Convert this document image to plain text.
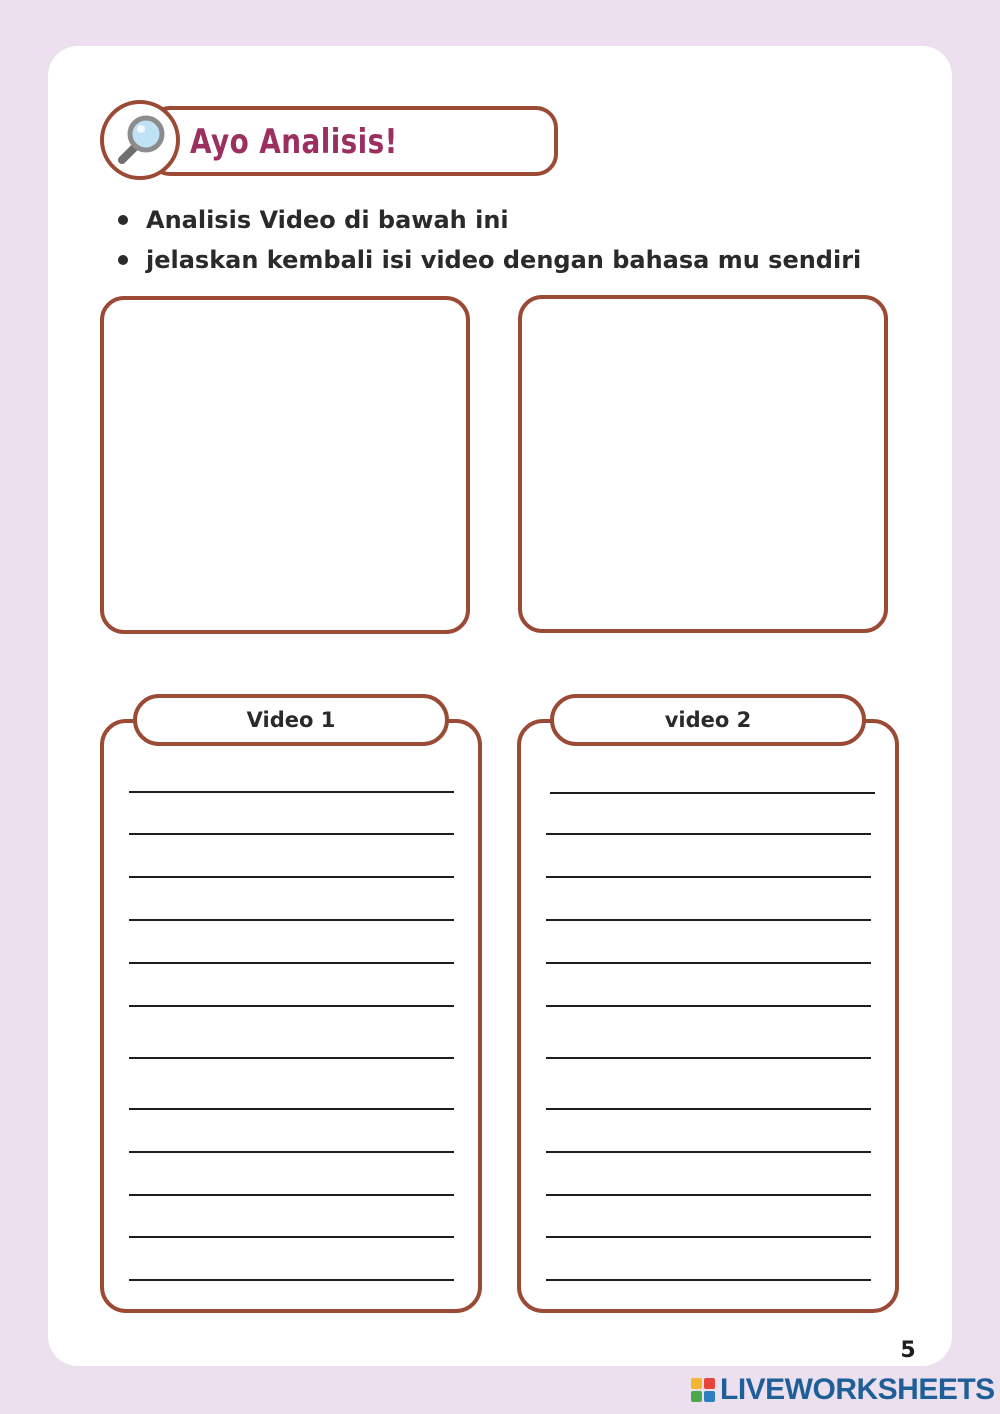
Ayo Analisis!
Analisis Video di bawah ini
jelaskan kembali isi video dengan bahasa mu sendiri
Video 1	video 2
5
LIVEWORKSHEETS
